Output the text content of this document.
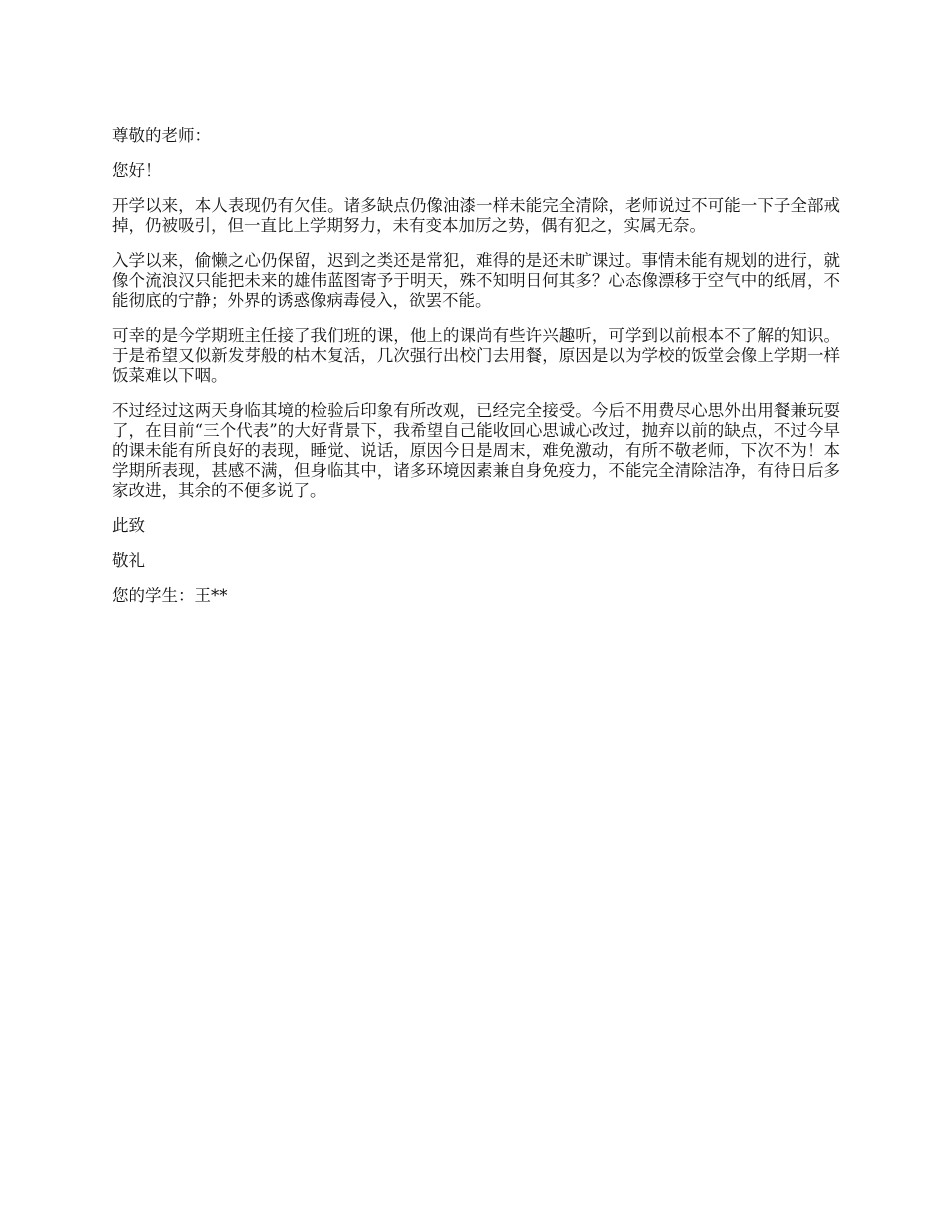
尊敬的老师：

您好！

开学以来，本人表现仍有欠佳。诸多缺点仍像油漆一样未能完全清除，老师说过不可能一下子全部戒掉，仍被吸引，但一直比上学期努力，未有变本加厉之势，偶有犯之，实属无奈。

入学以来，偷懒之心仍保留，迟到之类还是常犯，难得的是还未旷课过。事情未能有规划的进行，就像个流浪汉只能把未来的雄伟蓝图寄予于明天，殊不知明日何其多？心态像漂移于空气中的纸屑，不能彻底的宁静；外界的诱惑像病毒侵入，欲罢不能。

可幸的是今学期班主任接了我们班的课，他上的课尚有些许兴趣听，可学到以前根本不了解的知识。于是希望又似新发芽般的枯木复活，几次强行出校门去用餐，原因是以为学校的饭堂会像上学期一样饭菜难以下咽。

不过经过这两天身临其境的检验后印象有所改观，已经完全接受。今后不用费尽心思外出用餐兼玩耍了，在目前“三个代表”的大好背景下，我希望自己能收回心思诚心改过，抛弃以前的缺点，不过今早的课未能有所良好的表现，睡觉、说话，原因今日是周末，难免激动，有所不敬老师，下次不为！本学期所表现，甚感不满，但身临其中，诸多环境因素兼自身免疫力，不能完全清除洁净，有待日后多家改进，其余的不便多说了。

此致

敬礼

您的学生：王**
